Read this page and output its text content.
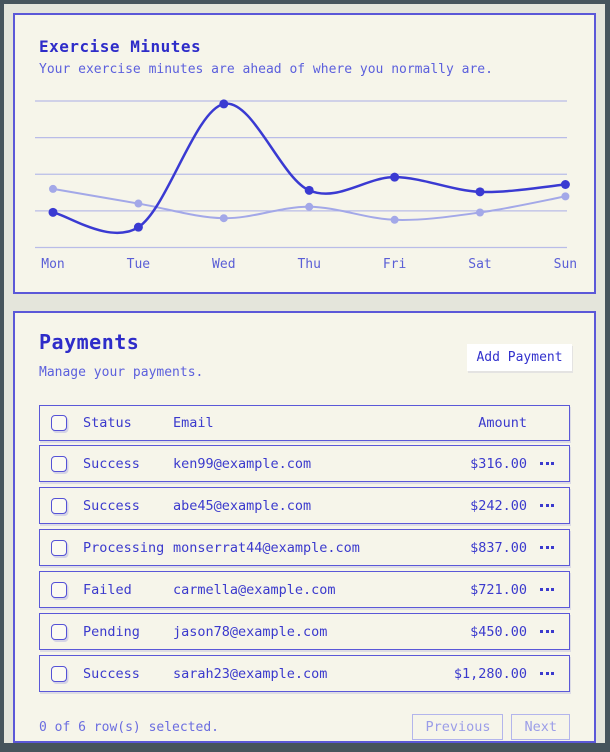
Exercise Minutes

Your exercise minutes are ahead of where you normally are.

Mon	Tue	Wed	Thu	Fri	Sat	Sun
Payments

Manage your payments.

Add Payment
Status	Email	Amount
Success	ken99@example.com	$316.00
Success	abe45@example.com	$242.00
Processing monserrat44@example.com	$837.00
Failed	carmella@example.com	$721.00
Pending	jason78@example.com	$450.00
Success	sarah23@example.com	$1,280.00
0 of 6 row(s) selected.	Previous	Next
